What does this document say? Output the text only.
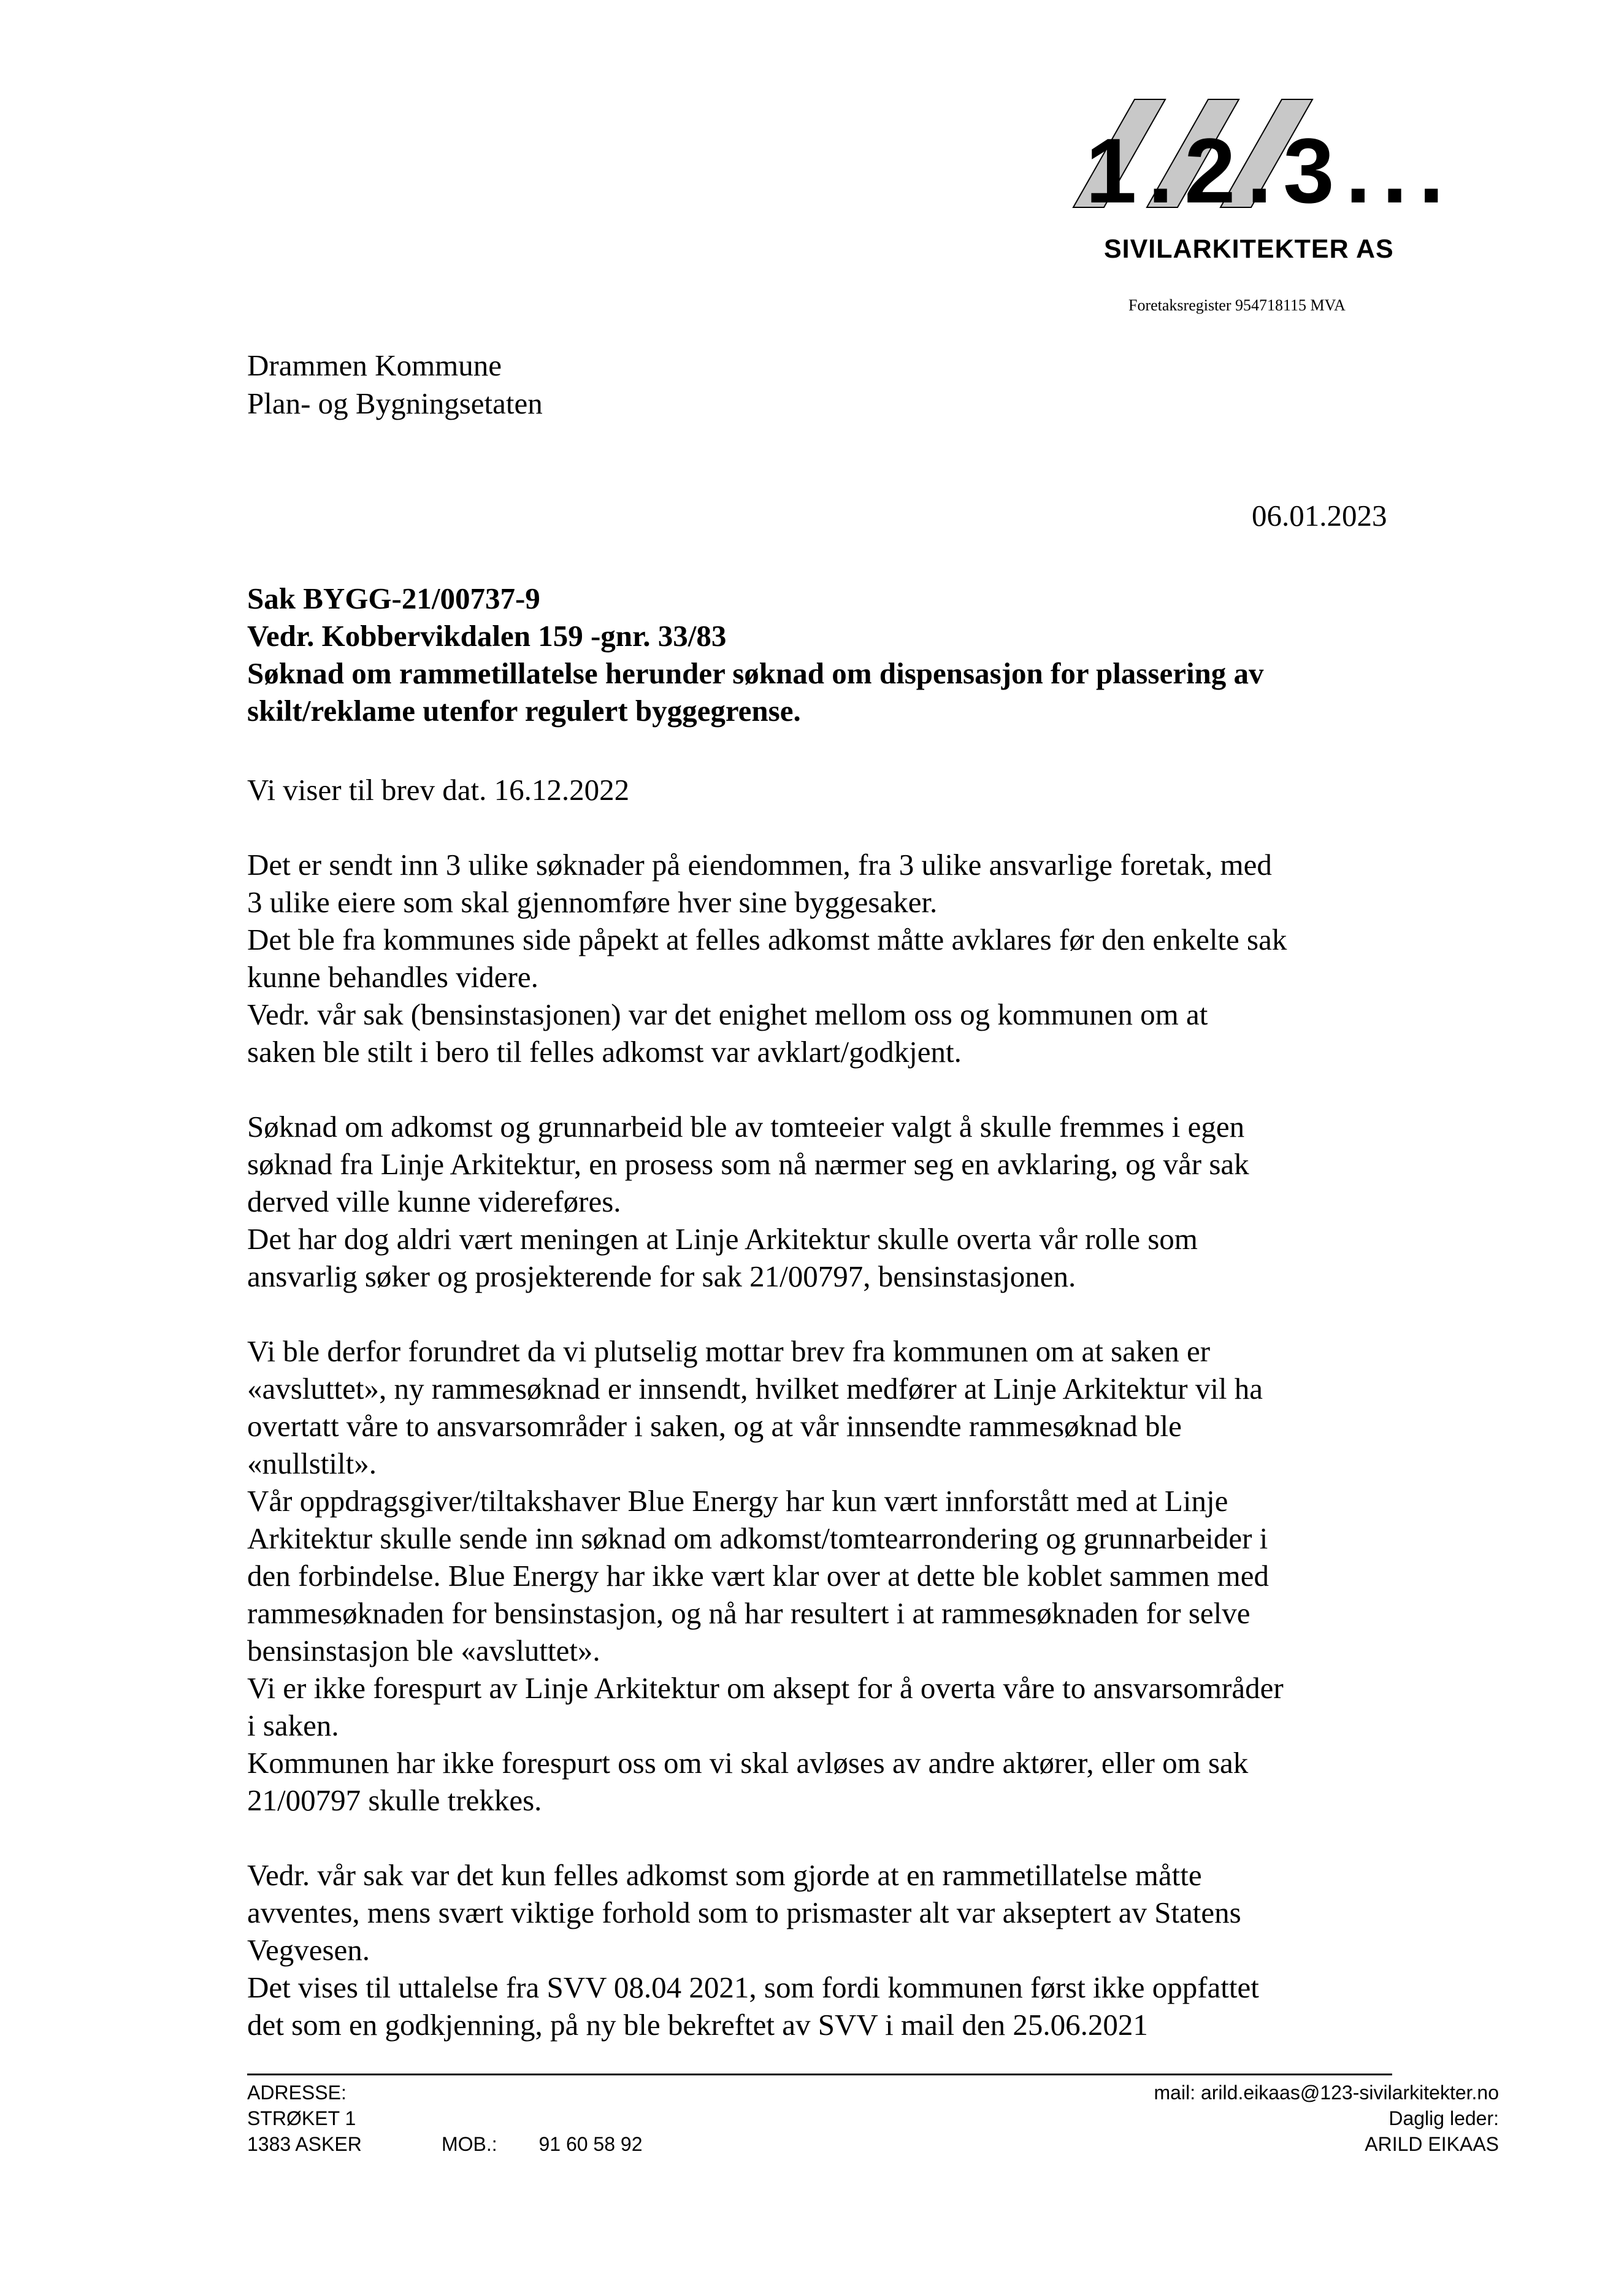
1.2.3...
SIVILARKITEKTER AS
Foretaksregister 954718115 MVA
Drammen Kommune
Plan- og Bygningsetaten
06.01.2023
Sak BYGG-21/00737-9
Vedr. Kobbervikdalen 159 -gnr. 33/83
Søknad om rammetillatelse herunder søknad om dispensasjon for plassering av
skilt/reklame utenfor regulert byggegrense.

Vi viser til brev dat. 16.12.2022

Det er sendt inn 3 ulike søknader på eiendommen, fra 3 ulike ansvarlige foretak, med
3 ulike eiere som skal gjennomføre hver sine byggesaker.
Det ble fra kommunes side påpekt at felles adkomst måtte avklares før den enkelte sak
kunne behandles videre.
Vedr. vår sak (bensinstasjonen) var det enighet mellom oss og kommunen om at
saken ble stilt i bero til felles adkomst var avklart/godkjent.

Søknad om adkomst og grunnarbeid ble av tomteeier valgt å skulle fremmes i egen
søknad fra Linje Arkitektur, en prosess som nå nærmer seg en avklaring, og vår sak
derved ville kunne videreføres.
Det har dog aldri vært meningen at Linje Arkitektur skulle overta vår rolle som
ansvarlig søker og prosjekterende for sak 21/00797, bensinstasjonen.

Vi ble derfor forundret da vi plutselig mottar brev fra kommunen om at saken er
«avsluttet», ny rammesøknad er innsendt, hvilket medfører at Linje Arkitektur vil ha
overtatt våre to ansvarsområder i saken, og at vår innsendte rammesøknad ble
«nullstilt».
Vår oppdragsgiver/tiltakshaver Blue Energy har kun vært innforstått med at Linje
Arkitektur skulle sende inn søknad om adkomst/tomtearrondering og grunnarbeider i
den forbindelse. Blue Energy har ikke vært klar over at dette ble koblet sammen med
rammesøknaden for bensinstasjon, og nå har resultert i at rammesøknaden for selve
bensinstasjon ble «avsluttet».
Vi er ikke forespurt av Linje Arkitektur om aksept for å overta våre to ansvarsområder
i saken.
Kommunen har ikke forespurt oss om vi skal avløses av andre aktører, eller om sak
21/00797 skulle trekkes.

Vedr. vår sak var det kun felles adkomst som gjorde at en rammetillatelse måtte
avventes, mens svært viktige forhold som to prismaster alt var akseptert av Statens
Vegvesen.
Det vises til uttalelse fra SVV 08.04 2021, som fordi kommunen først ikke oppfattet
det som en godkjenning, på ny ble bekreftet av SVV i mail den 25.06.2021

ADRESSE:
STRØKET 1
1383 ASKER	MOB.: 91 60 58 92
mail: arild.eikaas@123-sivilarkitekter.no
Daglig leder:
ARILD EIKAAS
